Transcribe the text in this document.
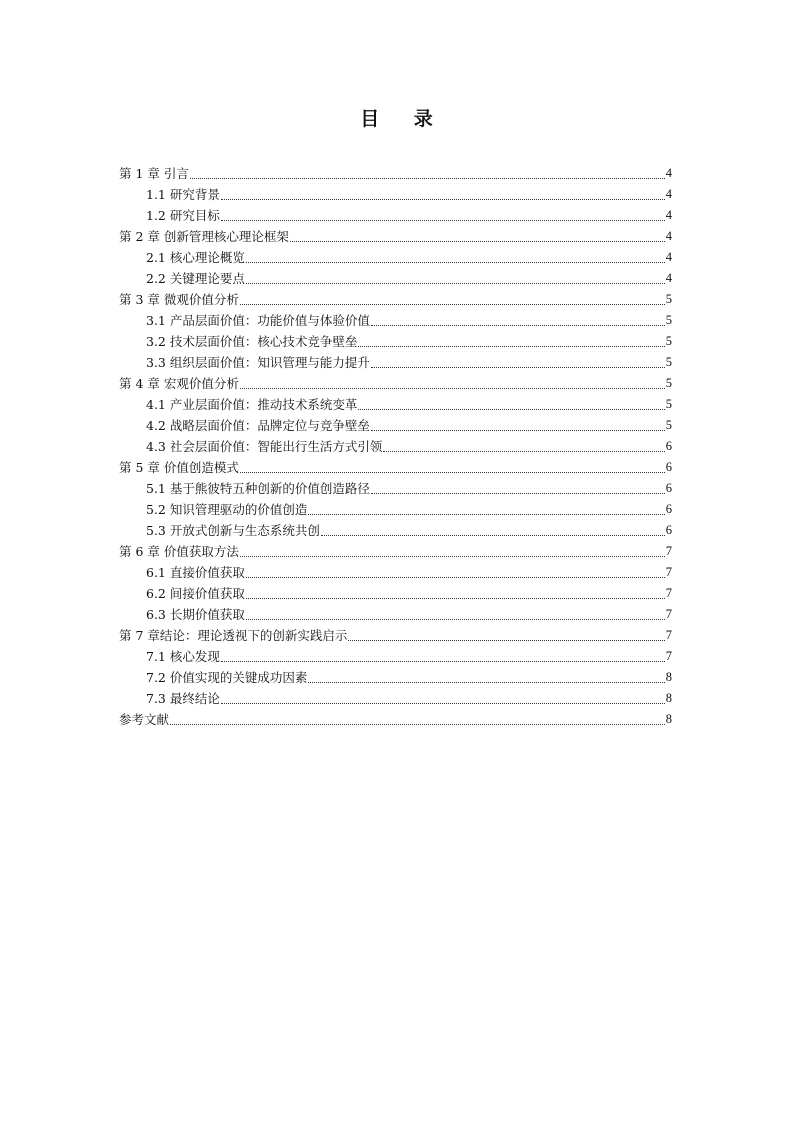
目 录
第 1 章 引言	4
1.1 研究背景	4
1.2 研究目标	4
第 2 章 创新管理核心理论框架	4
2.1 核心理论概览	4
2.2 关键理论要点	4
第 3 章 微观价值分析	5
3.1 产品层面价值：功能价值与体验价值	5
3.2 技术层面价值：核心技术竞争壁垒	5
3.3 组织层面价值：知识管理与能力提升	5
第 4 章 宏观价值分析	5
4.1 产业层面价值：推动技术系统变革	5
4.2 战略层面价值：品牌定位与竞争壁垒	5
4.3 社会层面价值：智能出行生活方式引领	6
第 5 章 价值创造模式	6
5.1 基于熊彼特五种创新的价值创造路径	6
5.2 知识管理驱动的价值创造	6
5.3 开放式创新与生态系统共创	6
第 6 章 价值获取方法	7
6.1 直接价值获取	7
6.2 间接价值获取	7
6.3 长期价值获取	7
第 7 章结论：理论透视下的创新实践启示	7
7.1 核心发现	7
7.2 价值实现的关键成功因素	8
7.3 最终结论	8
参考文献	8
